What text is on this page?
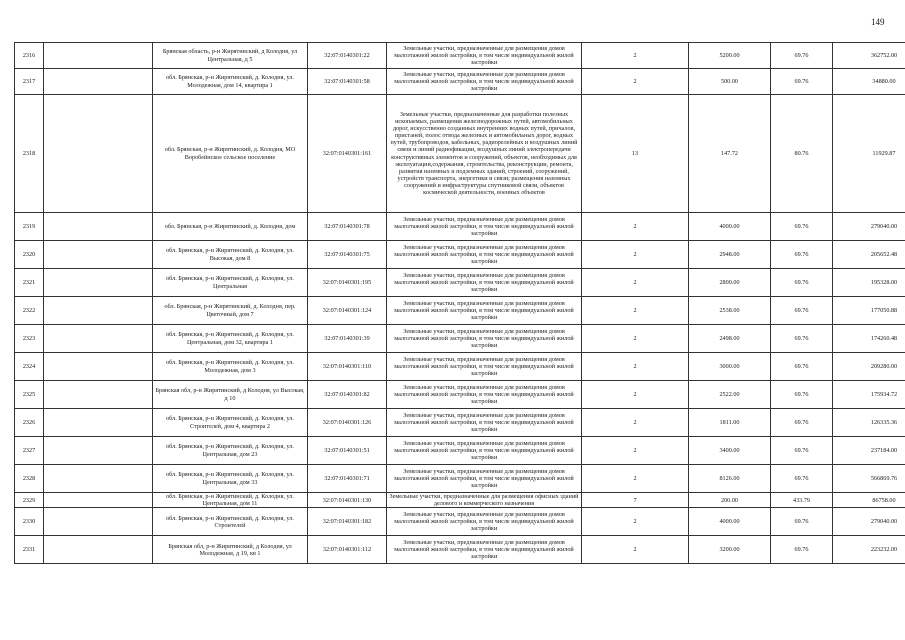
149
2316		Брянская область, р-н Жирятинский, д Колодня, ул Центральная, д 5	32:07:0140301:22	Земельные участки, предназначенные для размещения домов малоэтажной жилой застройки, в том числе индивидуальной жилой застройки	2	5200.00	69.76	362752.00
2317		обл. Брянская, р-н Жирятинский, д. Колодня, ул. Молодежная, дом 14, квартира 1	32:07:0140301:58	Земельные участки, предназначенные для размещения домов малоэтажной жилой застройки, в том числе индивидуальной жилой застройки	2	500.00	69.76	34880.00
2318		обл. Брянская, р-н Жирятинский, д. Колодня, МО Воробейнское сельское поселение	32:07:0140301:161	Земельные участки, предназначенные для разработки полезных ископаемых, размещения железнодорожных путей, автомобильных дорог, искусственно созданных внутренних водных путей, причалов, пристаней, полос отвода железных и автомобильных дорог, водных путей, трубопроводов, кабельных, радиорелейных и воздушных линий связи и линий радиофикации, воздушных линий электропередачи конструктивных элементов и сооружений, объектов, необходимых для эксплуатации,содержания, строительства, реконструкции, ремонта, развития наземных и подземных зданий, строений, сооружений, устройств транспорта, энергетики и связи; размещения наземных сооружений и инфраструктуры спутниковой связи, объектов космической деятельности, военных объектов	13	147.72	80.76	11929.87
2319		обл. Брянская, р-н Жирятинский, д. Колодня, дом	32:07:0140301:78	Земельные участки, предназначенные для размещения домов малоэтажной жилой застройки, в том числе индивидуальной жилой застройки	2	4000.00	69.76	279040.00
2320		обл. Брянская, р-н Жирятинский, д. Колодня, ул. Высокая, дом 8	32:07:0140301:75	Земельные участки, предназначенные для размещения домов малоэтажной жилой застройки, в том числе индивидуальной жилой застройки	2	2948.00	69.76	205652.48
2321		обл. Брянская, р-н Жирятинский, д. Колодня, ул. Центральная	32:07:0140301:195	Земельные участки, предназначенные для размещения домов малоэтажной жилой застройки, в том числе индивидуальной жилой застройки	2	2800.00	69.76	195328.00
2322		обл. Брянская, р-н Жирятинский, д. Колодня, пер. Цветочный, дом 7	32:07:0140301:124	Земельные участки, предназначенные для размещения домов малоэтажной жилой застройки, в том числе индивидуальной жилой застройки	2	2538.00	69.76	177050.88
2323		обл. Брянская, р-н Жирятинский, д. Колодня, ул. Центральная, дом 32, квартира 1	32:07:0140301:39	Земельные участки, предназначенные для размещения домов малоэтажной жилой застройки, в том числе индивидуальной жилой застройки	2	2498.00	69.76	174260.48
2324		обл. Брянская, р-н Жирятинский, д. Колодня, ул. Молодежная, дом 3	32:07:0140301:110	Земельные участки, предназначенные для размещения домов малоэтажной жилой застройки, в том числе индивидуальной жилой застройки	2	3000.00	69.76	209280.00
2325		Брянская обл, р-н Жирятинский, д Колодня, ул Высокая, д 10	32:07:0140301:82	Земельные участки, предназначенные для размещения домов малоэтажной жилой застройки, в том числе индивидуальной жилой застройки	2	2522.00	69.76	175934.72
2326		обл. Брянская, р-н Жирятинский, д. Колодня, ул. Строителей, дом 4, квартира 2	32:07:0140301:126	Земельные участки, предназначенные для размещения домов малоэтажной жилой застройки, в том числе индивидуальной жилой застройки	2	1811.00	69.76	126335.36
2327		обл. Брянская, р-н Жирятинский, д. Колодня, ул. Центральная, дом 23	32:07:0140301:51	Земельные участки, предназначенные для размещения домов малоэтажной жилой застройки, в том числе индивидуальной жилой застройки	2	3400.00	69.76	237184.00
2328		обл. Брянская, р-н Жирятинский, д. Колодня, ул. Центральная, дом 33	32:07:0140301:71	Земельные участки, предназначенные для размещения домов малоэтажной жилой застройки, в том числе индивидуальной жилой застройки	2	8126.00	69.76	566869.76
2329		обл. Брянская, р-н Жирятинский, д. Колодня, ул. Центральная, дом 11	32:07:0140301:130	Земельные участки, предназначенные для размещения офисных зданий делового и коммерческого назначения	7	200.00	433.79	86758.00
2330		обл. Брянская, р-н Жирятинский, д. Колодня, ул. Строителей	32:07:0140301:182	Земельные участки, предназначенные для размещения домов малоэтажной жилой застройки, в том числе индивидуальной жилой застройки	2	4000.00	69.76	279040.00
2331		Брянская обл, р-н Жирятинский, д Колодня, ул Молодежная, д 19, кв 1	32:07:0140301:112	Земельные участки, предназначенные для размещения домов малоэтажной жилой застройки, в том числе индивидуальной жилой застройки	2	3200.00	69.76	223232.00
